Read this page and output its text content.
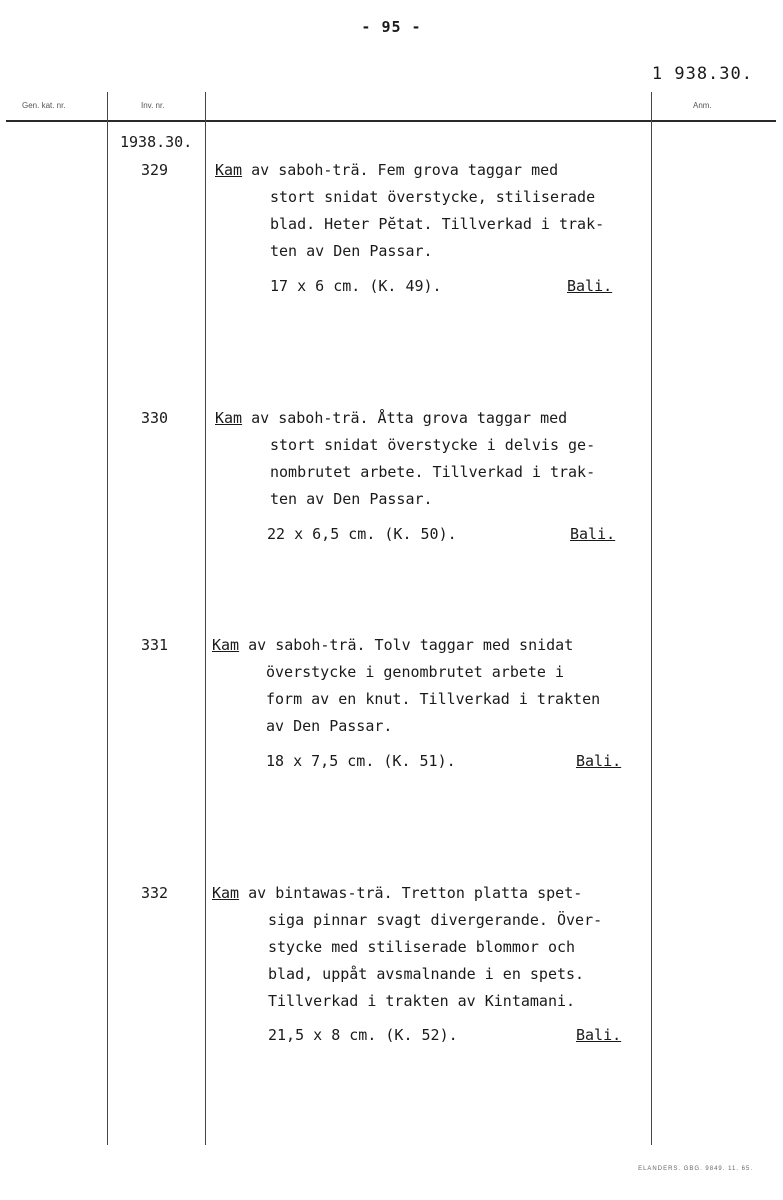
- 95 -
1 938.30.
Gen. kat. nr.	Inv. nr.	Anm.
1938.30.
329	Kam av saboh-trä. Fem grova taggar med
stort snidat överstycke, stiliserade
blad. Heter Pĕtat. Tillverkad i trak-
ten av Den Passar.
17 x 6 cm. (K. 49).	Bali.
330	Kam av saboh-trä. Åtta grova taggar med
stort snidat överstycke i delvis ge-
nombrutet arbete. Tillverkad i trak-
ten av Den Passar.
22 x 6,5 cm. (K. 50).	Bali.
331	Kam av saboh-trä. Tolv taggar med snidat
överstycke i genombrutet arbete i
form av en knut. Tillverkad i trakten
av Den Passar.
18 x 7,5 cm. (K. 51).	Bali.
332	Kam av bintawas-trä. Tretton platta spet-
siga pinnar svagt divergerande. Över-
stycke med stiliserade blommor och
blad, uppåt avsmalnande i en spets.
Tillverkad i trakten av Kintamani.
21,5 x 8 cm. (K. 52).	Bali.
ELANDERS. GBG. 9849. 11. 65.
